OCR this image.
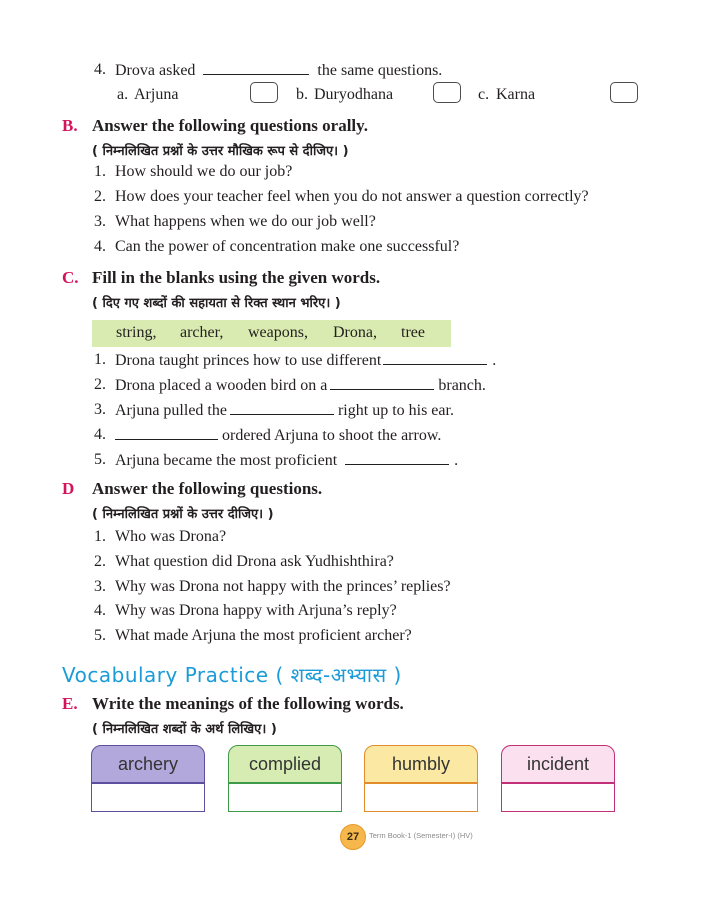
4. Drova asked	the same questions.
a. Arjuna	b. Duryodhana	c. Karna
B. Answer the following questions orally.
( निम्नलिखित प्रश्नों के उत्तर मौखिक रूप से दीजिए। )
1. How should we do our job?
2. How does your teacher feel when you do not answer a question correctly?
3. What happens when we do our job well?
4. Can the power of concentration make one successful?
C. Fill in the blanks using the given words.
( दिए गए शब्दों की सहायता से रिक्त स्थान भरिए। )
string, archer, weapons, Drona, tree
1. Drona taught princes how to use different	.
2. Drona placed a wooden bird on a	branch.
3. Arjuna pulled the	right up to his ear.
4.	ordered Arjuna to shoot the arrow.
5. Arjuna became the most proficient	.
D Answer the following questions.
( निम्नलिखित प्रश्नों के उत्तर दीजिए। )
1. Who was Drona?
2. What question did Drona ask Yudhishthira?
3. Why was Drona not happy with the princes’ replies?
4. Why was Drona happy with Arjuna’s reply?
5. What made Arjuna the most proficient archer?
Vocabulary Practice ( शब्द-अभ्यास )
E. Write the meanings of the following words.
( निम्नलिखित शब्दों के अर्थ लिखिए। )
archery	complied	humbly	incident
27	Term Book-1 (Semester-I) (HV)
